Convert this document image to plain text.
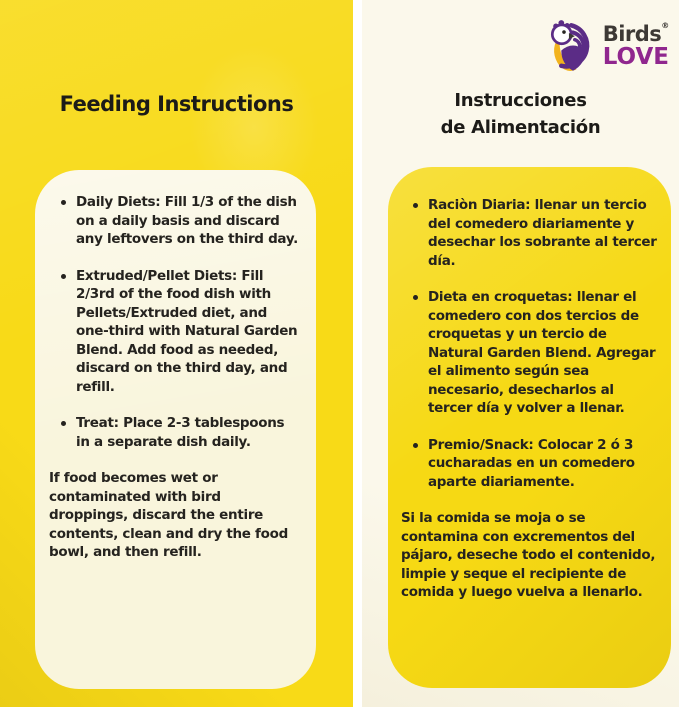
Feeding Instructions
Daily Diets: Fill 1/3 of the dish on a daily basis and discard any leftovers on the third day.
Extruded/Pellet Diets: Fill 2/3rd of the food dish with Pellets/Extruded diet, and one-third with Natural Garden Blend. Add food as needed, discard on the third day, and refill.
Treat: Place 2-3 tablespoons in a separate dish daily.

If food becomes wet or contaminated with bird droppings, discard the entire contents, clean and dry the food bowl, and then refill.

Birds®
LOVE
Instrucciones
de Alimentación
Raciòn Diaria: llenar un tercio del comedero diariamente y desechar los sobrante al tercer día.
Dieta en croquetas: llenar el comedero con dos tercios de croquetas y un tercio de Natural Garden Blend. Agregar el alimento según sea necesario, desecharlos al tercer día y volver a llenar.
Premio/Snack: Colocar 2 ó 3 cucharadas en un comedero aparte diariamente.

Si la comida se moja o se contamina con excrementos del pájaro, deseche todo el contenido, limpie y seque el recipiente de comida y luego vuelva a llenarlo.
